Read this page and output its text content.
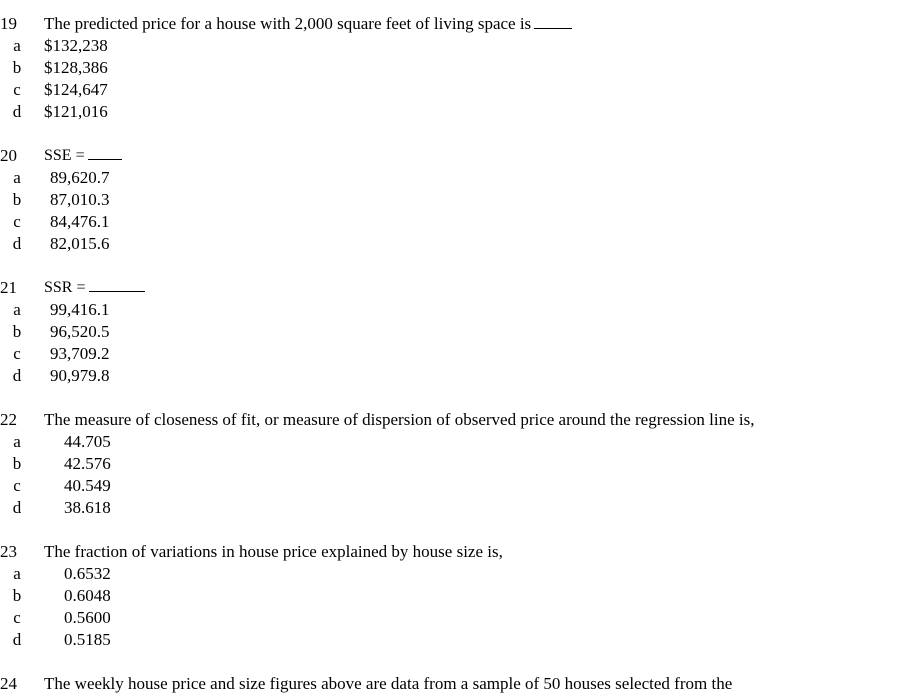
19	The predicted price for a house with 2,000 square feet of living space is
a $132,238
b $128,386
c $124,647
d $121,016
20	SSE =
a 89,620.7
b 87,010.3
c 84,476.1
d 82,015.6
21	SSR =
a 99,416.1
b 96,520.5
c 93,709.2
d 90,979.8
22	The measure of closeness of fit, or measure of dispersion of observed price around the regression line is,
a	44.705
b	42.576
c	40.549
d	38.618
23	The fraction of variations in house price explained by house size is,
a	0.6532
b	0.6048
c	0.5600
d	0.5185
24	The weekly house price and size figures above are data from a sample of 50 houses selected from the
